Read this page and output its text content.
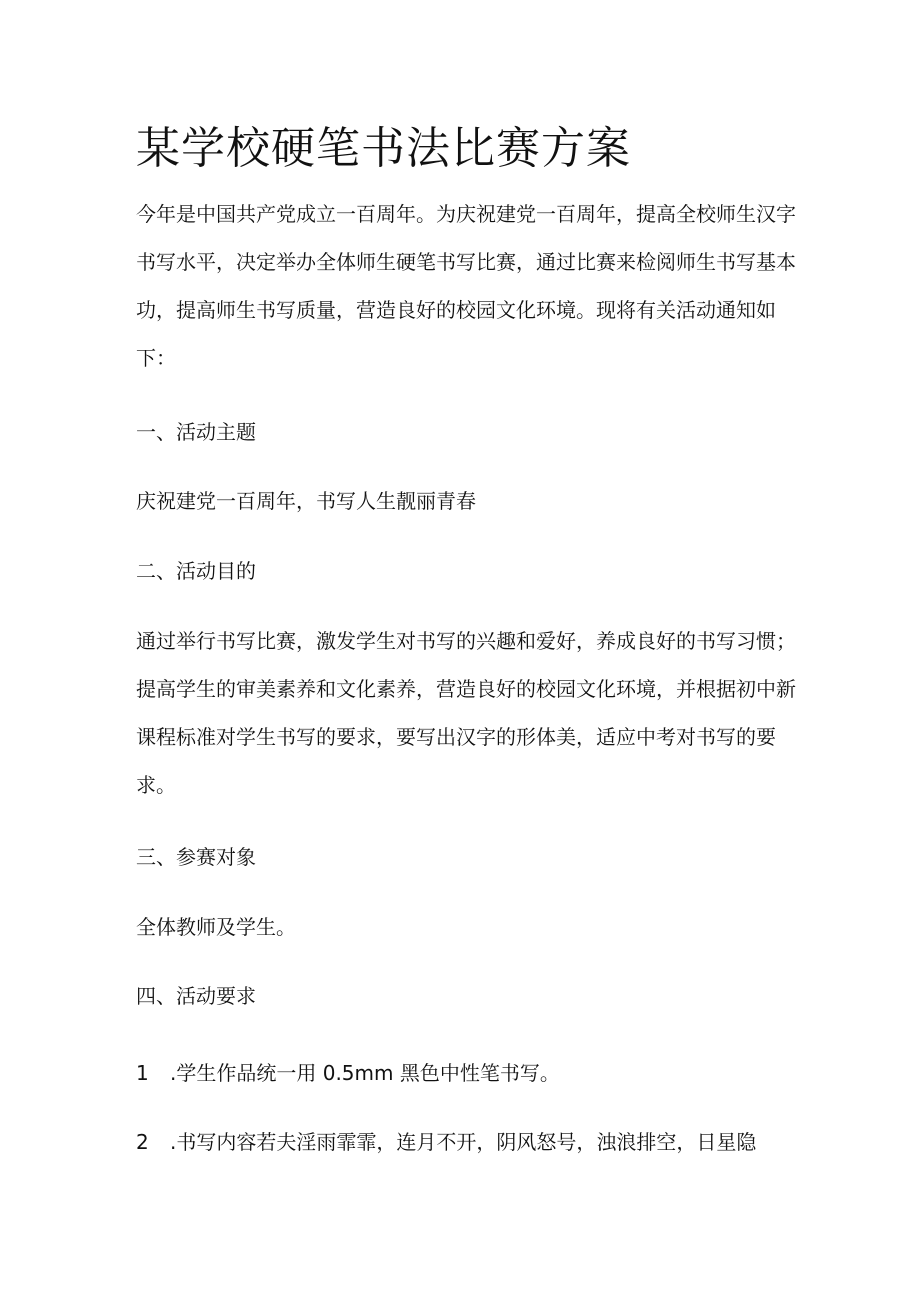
某学校硬笔书法比赛方案

今年是中国共产党成立一百周年。为庆祝建党一百周年，提高全校师生汉字书写水平，决定举办全体师生硬笔书写比赛，通过比赛来检阅师生书写基本功，提高师生书写质量，营造良好的校园文化环境。现将有关活动通知如下：

一、活动主题

庆祝建党一百周年，书写人生靓丽青春

二、活动目的

通过举行书写比赛，激发学生对书写的兴趣和爱好，养成良好的书写习惯；提高学生的审美素养和文化素养，营造良好的校园文化环境，并根据初中新课程标准对学生书写的要求，要写出汉字的形体美，适应中考对书写的要求。

三、参赛对象

全体教师及学生。

四、活动要求

1 .学生作品统一用 0.5mm 黑色中性笔书写。

2 .书写内容若夫淫雨霏霏，连月不开，阴风怒号，浊浪排空，日星隐
